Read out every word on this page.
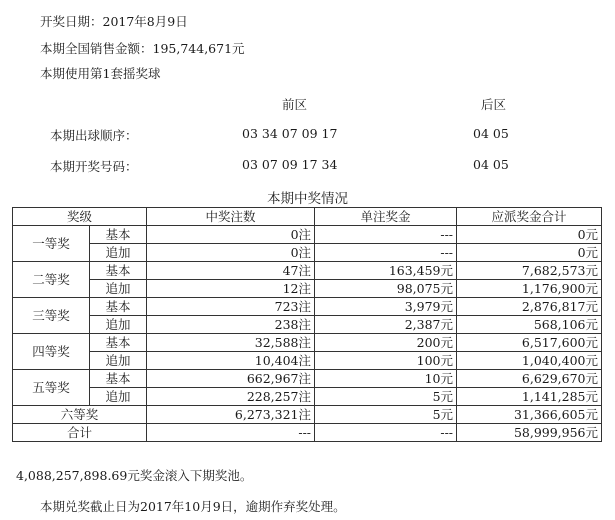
开奖日期：2017年8月9日
本期全国销售金额：195,744,671元
本期使用第1套摇奖球
前区	后区
本期出球顺序：	03 34 07 09 17	04 05
本期开奖号码：	03 07 09 17 34	04 05
本期中奖情况
奖级		中奖注数	单注奖金	应派奖金合计
一等奖	基本	0注	---	0元
	追加	0注	---	0元
二等奖	基本	47注	163,459元	7,682,573元
	追加	12注	98,075元	1,176,900元
三等奖	基本	723注	3,979元	2,876,817元
	追加	238注	2,387元	568,106元
四等奖	基本	32,588注	200元	6,517,600元
	追加	10,404注	100元	1,040,400元
五等奖	基本	662,967注	10元	6,629,670元
	追加	228,257注	5元	1,141,285元
六等奖		6,273,321注	5元	31,366,605元
合计		---	---	58,999,956元
4,088,257,898.69元奖金滚入下期奖池。
本期兑奖截止日为2017年10月9日，逾期作弃奖处理。
